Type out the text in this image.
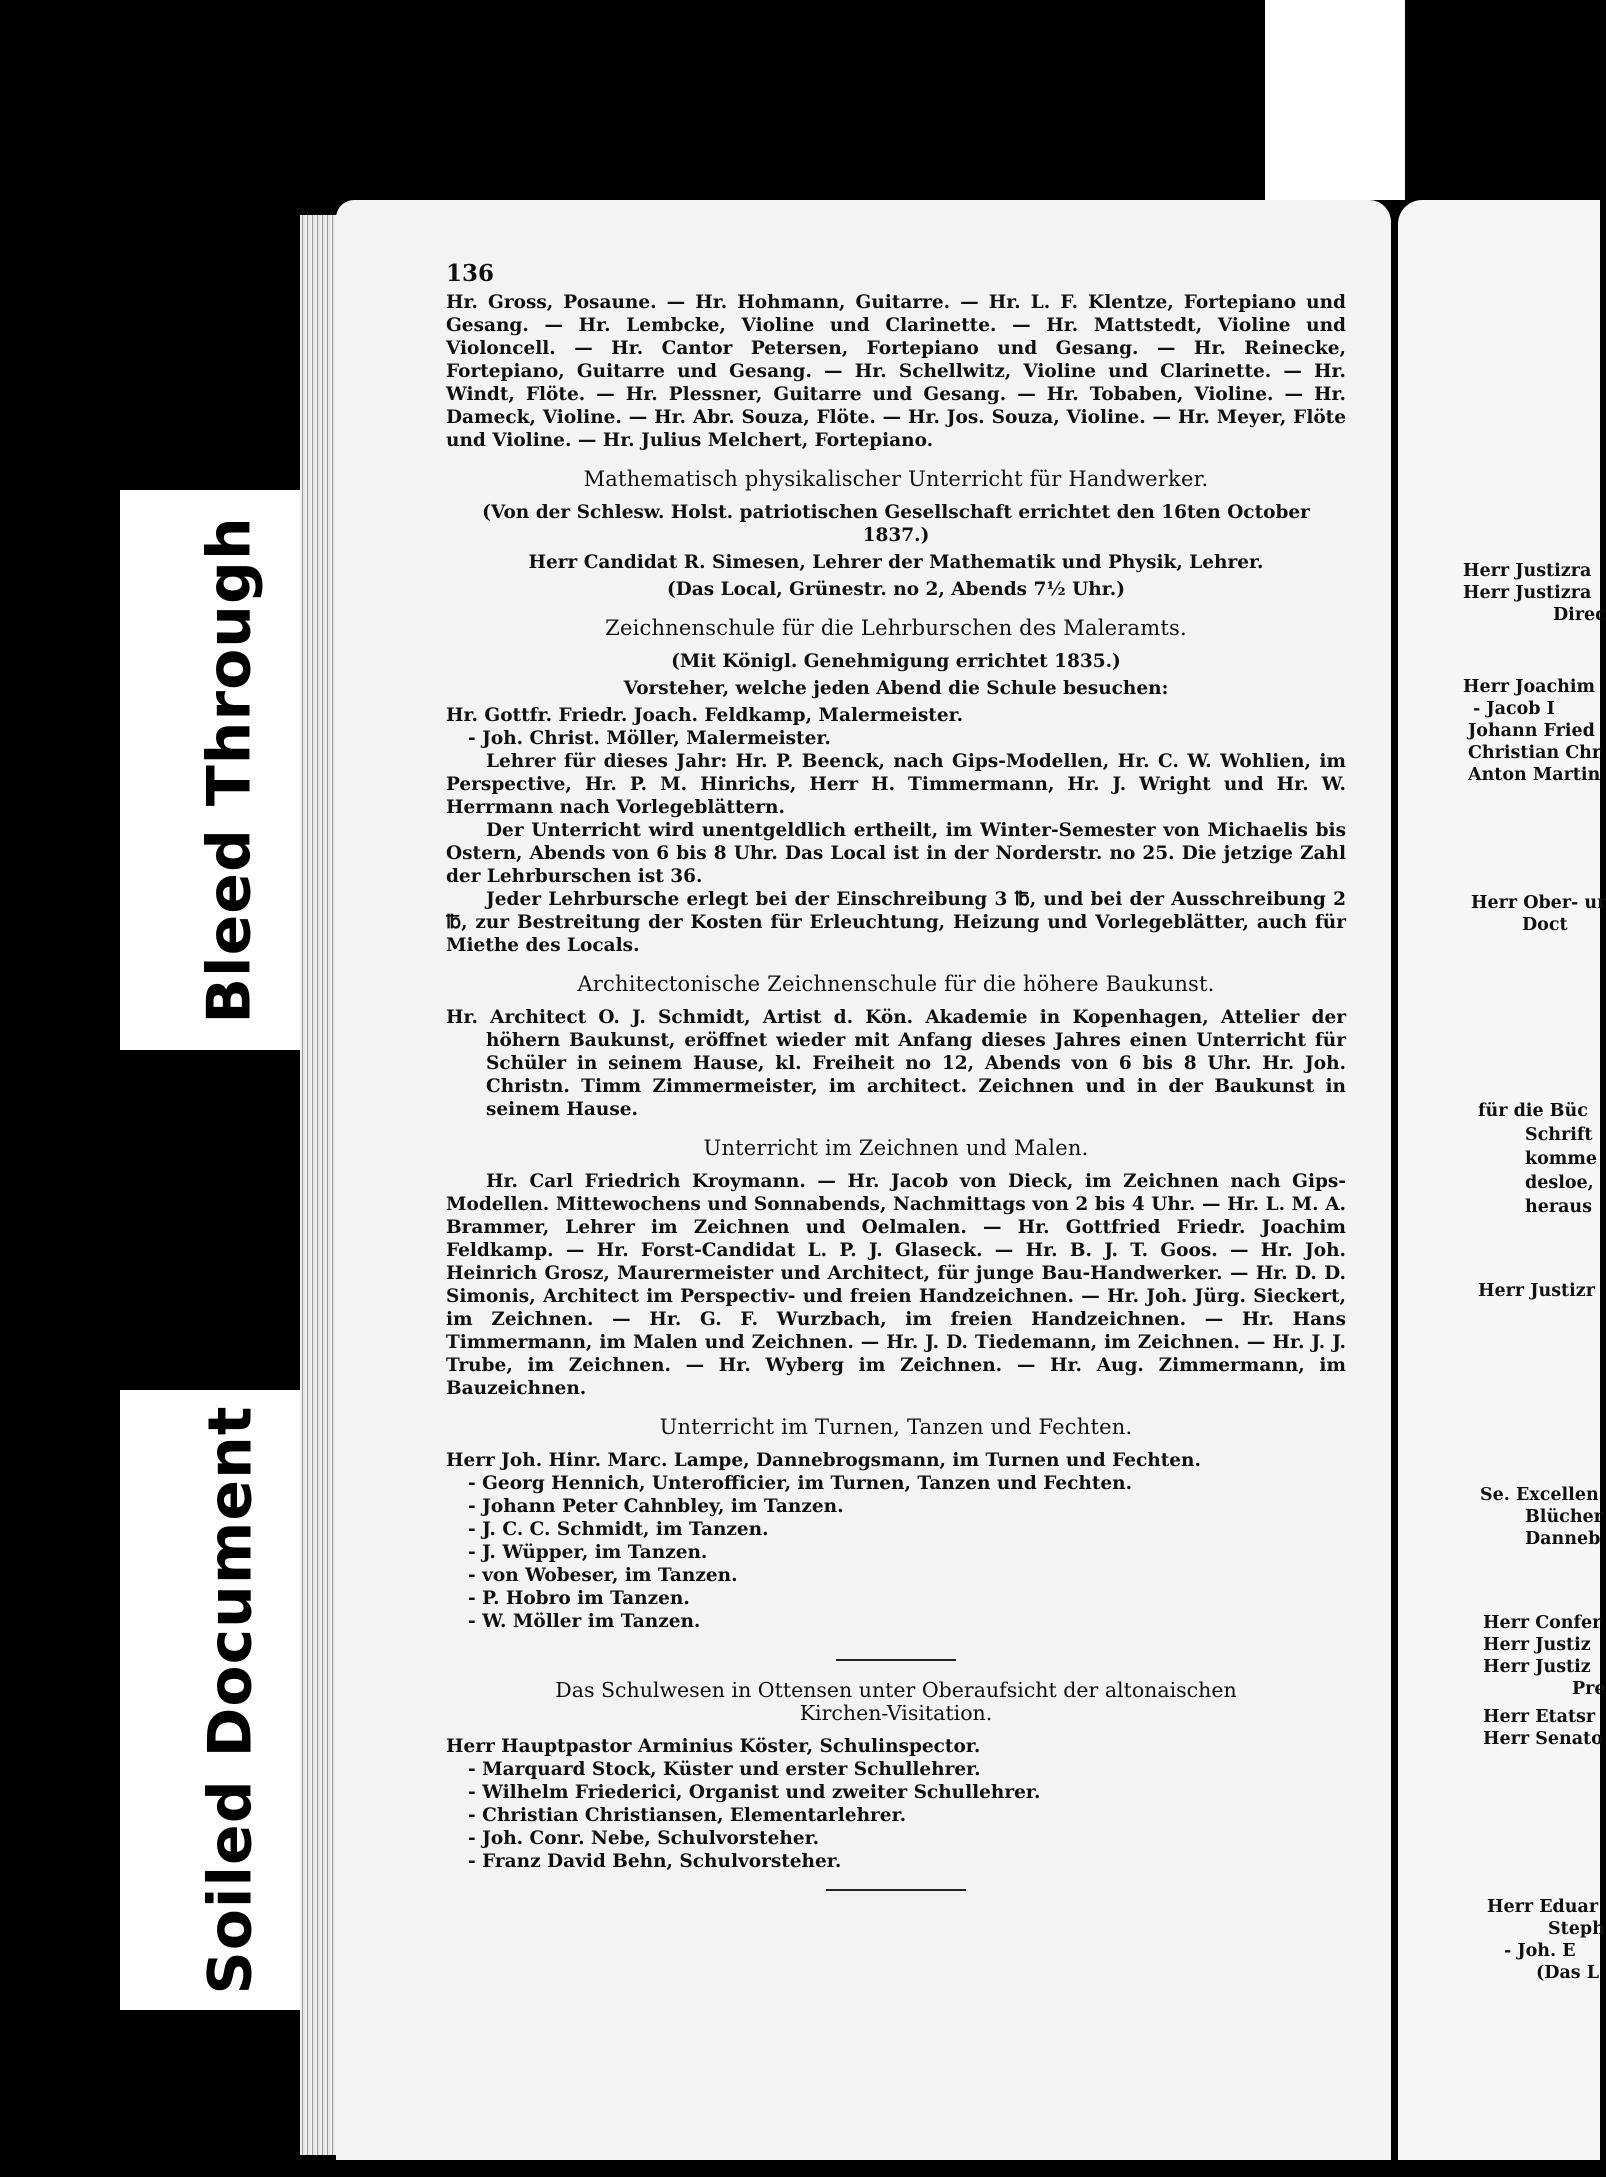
Bleed Through
Soiled Document
136
Hr. Gross, Posaune. — Hr. Hohmann, Guitarre. — Hr. L. F. Klentze, Fortepiano und Gesang. — Hr. Lembcke, Violine und Clarinette. — Hr. Mattstedt, Violine und Violoncell. — Hr. Cantor Petersen, Fortepiano und Gesang. — Hr. Reinecke, Fortepiano, Guitarre und Gesang. — Hr. Schellwitz, Violine und Clarinette. — Hr. Windt, Flöte. — Hr. Plessner, Guitarre und Gesang. — Hr. Tobaben, Violine. — Hr. Dameck, Violine. — Hr. Abr. Souza, Flöte. — Hr. Jos. Souza, Violine. — Hr. Meyer, Flöte und Violine. — Hr. Julius Melchert, Fortepiano.
Mathematisch physikalischer Unterricht für Handwerker.
(Von der Schlesw. Holst. patriotischen Gesellschaft errichtet den 16ten October 1837.)
Herr Candidat R. Simesen, Lehrer der Mathematik und Physik, Lehrer.
(Das Local, Grünestr. no 2, Abends 7½ Uhr.)
Zeichnenschule für die Lehrburschen des Maleramts.
(Mit Königl. Genehmigung errichtet 1835.)
Vorsteher, welche jeden Abend die Schule besuchen:
Hr. Gottfr. Friedr. Joach. Feldkamp, Malermeister.
- Joh. Christ. Möller, Malermeister.
Lehrer für dieses Jahr: Hr. P. Beenck, nach Gips-Modellen, Hr. C. W. Wohlien, im Perspective, Hr. P. M. Hinrichs, Herr H. Timmermann, Hr. J. Wright und Hr. W. Herrmann nach Vorlegeblättern.
Der Unterricht wird unentgeldlich ertheilt, im Winter-Semester von Michaelis bis Ostern, Abends von 6 bis 8 Uhr. Das Local ist in der Norderstr. no 25. Die jetzige Zahl der Lehrburschen ist 36.
Jeder Lehrbursche erlegt bei der Einschreibung 3 ℔, und bei der Ausschreibung 2 ℔, zur Bestreitung der Kosten für Erleuchtung, Heizung und Vorlegeblätter, auch für Miethe des Locals.
Architectonische Zeichnenschule für die höhere Baukunst.
Hr. Architect O. J. Schmidt, Artist d. Kön. Akademie in Kopenhagen, Attelier der höhern Baukunst, eröffnet wieder mit Anfang dieses Jahres einen Unterricht für Schüler in seinem Hause, kl. Freiheit no 12, Abends von 6 bis 8 Uhr. Hr. Joh. Christn. Timm Zimmermeister, im architect. Zeichnen und in der Baukunst in seinem Hause.
Unterricht im Zeichnen und Malen.
Hr. Carl Friedrich Kroymann. — Hr. Jacob von Dieck, im Zeichnen nach Gips-Modellen. Mittewochens und Sonnabends, Nachmittags von 2 bis 4 Uhr. — Hr. L. M. A. Brammer, Lehrer im Zeichnen und Oelmalen. — Hr. Gottfried Friedr. Joachim Feldkamp. — Hr. Forst-Candidat L. P. J. Glaseck. — Hr. B. J. T. Goos. — Hr. Joh. Heinrich Grosz, Maurermeister und Architect, für junge Bau-Handwerker. — Hr. D. D. Simonis, Architect im Perspectiv- und freien Handzeichnen. — Hr. Joh. Jürg. Sieckert, im Zeichnen. — Hr. G. F. Wurzbach, im freien Handzeichnen. — Hr. Hans Timmermann, im Malen und Zeichnen. — Hr. J. D. Tiedemann, im Zeichnen. — Hr. J. J. Trube, im Zeichnen. — Hr. Wyberg im Zeichnen. — Hr. Aug. Zimmermann, im Bauzeichnen.
Unterricht im Turnen, Tanzen und Fechten.
Herr Joh. Hinr. Marc. Lampe, Dannebrogsmann, im Turnen und Fechten.
- Georg Hennich, Unterofficier, im Turnen, Tanzen und Fechten.
- Johann Peter Cahnbley, im Tanzen.
- J. C. C. Schmidt, im Tanzen.
- J. Wüpper, im Tanzen.
- von Wobeser, im Tanzen.
- P. Hobro im Tanzen.
- W. Möller im Tanzen.
Das Schulwesen in Ottensen unter Oberaufsicht der altonaischen
Kirchen-Visitation.
Herr Hauptpastor Arminius Köster, Schulinspector.
- Marquard Stock, Küster und erster Schullehrer.
- Wilhelm Friederici, Organist und zweiter Schullehrer.
- Christian Christiansen, Elementarlehrer.
- Joh. Conr. Nebe, Schulvorsteher.
- Franz David Behn, Schulvorsteher.
Herr Justizra
Herr Justizra
Direc
Herr Joachim
- Jacob I
Johann Fried
Christian Chr
Anton Martin
Herr Ober- ur
Doct
für die Büc
Schrift
komme
desloe,
heraus
Herr Justizr
Se. Excellen
Blücher
Danneb
Herr Confer
Herr Justiz
Herr Justiz
Pre
Herr Etatsr
Herr Senato
Herr Eduar
Steph
- Joh. E
(Das L
